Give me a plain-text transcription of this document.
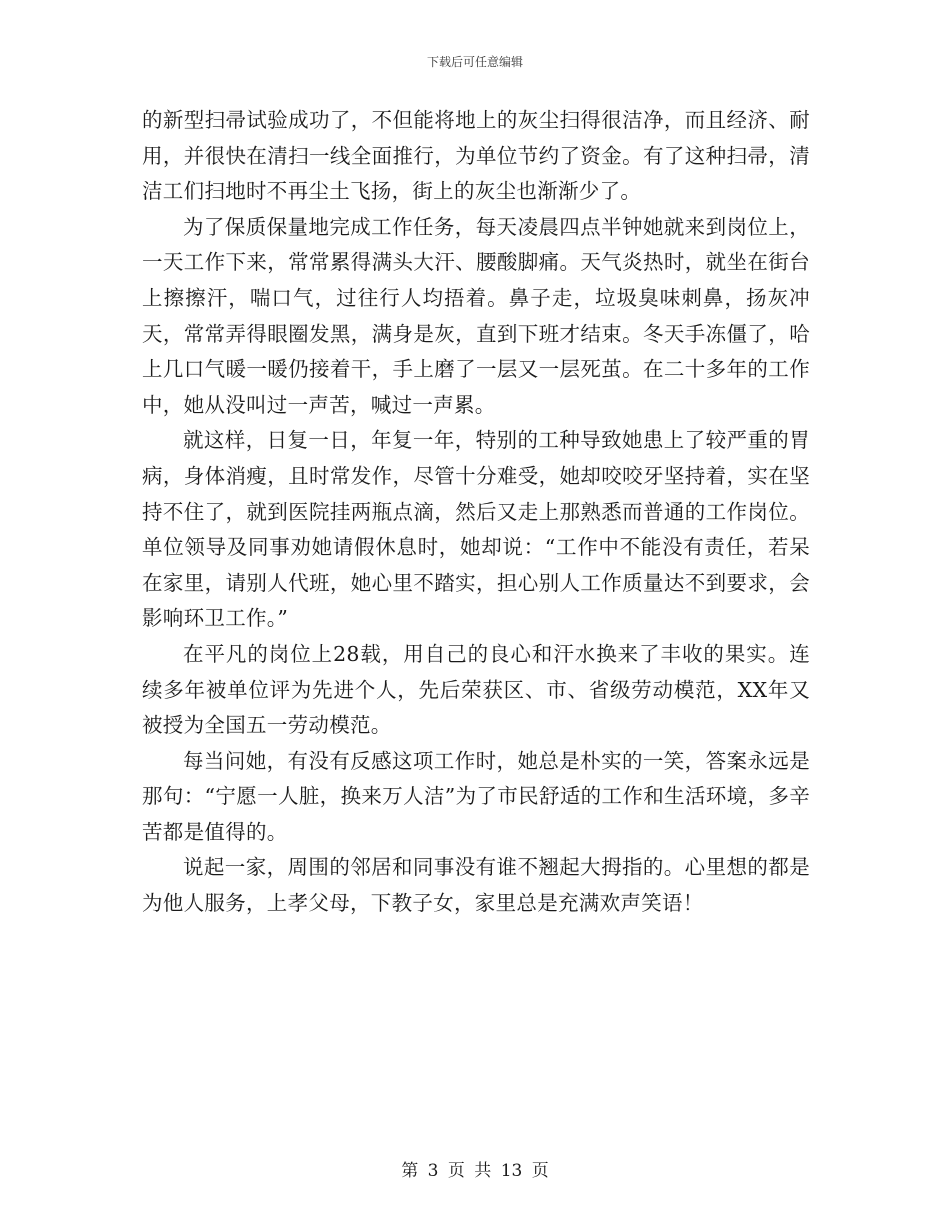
下载后可任意编辑

的新型扫帚试验成功了，不但能将地上的灰尘扫得很洁净，而且经济、耐用，并很快在清扫一线全面推行，为单位节约了资金。有了这种扫帚，清洁工们扫地时不再尘土飞扬，街上的灰尘也渐渐少了。

为了保质保量地完成工作任务，每天凌晨四点半钟她就来到岗位上，一天工作下来，常常累得满头大汗、腰酸脚痛。天气炎热时，就坐在街台上擦擦汗，喘口气，过往行人均捂着。鼻子走，垃圾臭味刺鼻，扬灰冲天，常常弄得眼圈发黑，满身是灰，直到下班才结束。冬天手冻僵了，哈上几口气暖一暖仍接着干，手上磨了一层又一层死茧。在二十多年的工作中，她从没叫过一声苦，喊过一声累。

就这样，日复一日，年复一年，特别的工种导致她患上了较严重的胃病，身体消瘦，且时常发作，尽管十分难受，她却咬咬牙坚持着，实在坚持不住了，就到医院挂两瓶点滴，然后又走上那熟悉而普通的工作岗位。单位领导及同事劝她请假休息时，她却说：“工作中不能没有责任，若呆在家里，请别人代班，她心里不踏实，担心别人工作质量达不到要求，会影响环卫工作。”

在平凡的岗位上28载，用自己的良心和汗水换来了丰收的果实。连续多年被单位评为先进个人，先后荣获区、市、省级劳动模范，XX年又被授为全国五一劳动模范。

每当问她，有没有反感这项工作时，她总是朴实的一笑，答案永远是那句：“宁愿一人脏，换来万人洁”为了市民舒适的工作和生活环境，多辛苦都是值得的。

说起一家，周围的邻居和同事没有谁不翘起大拇指的。心里想的都是为他人服务，上孝父母，下教子女，家里总是充满欢声笑语！

第 3 页 共 13 页
